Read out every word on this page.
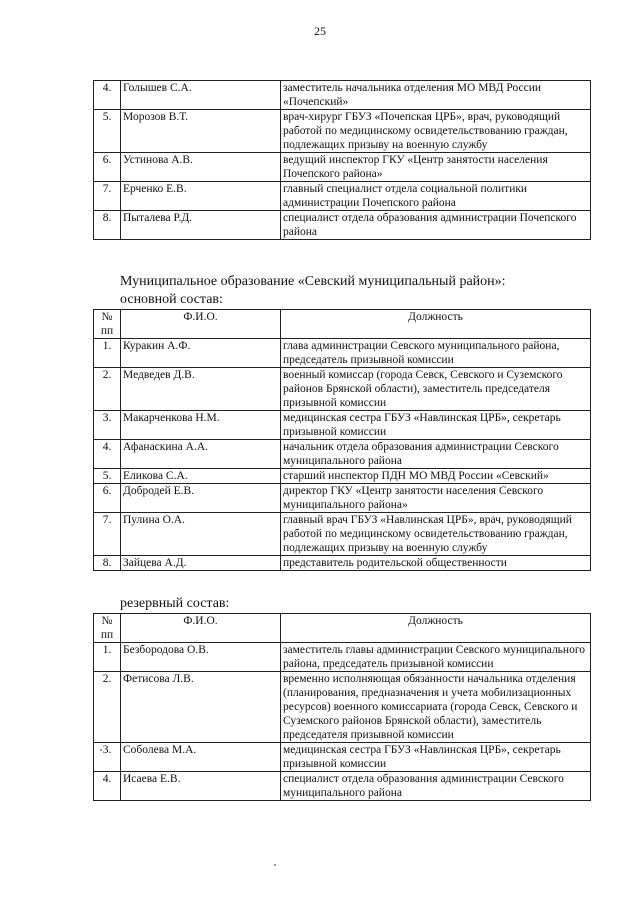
25
4.	Голышев С.А.	заместитель начальника отделения МО МВД России «Почепский»
5.	Морозов В.Т.	врач-хирург ГБУЗ «Почепская ЦРБ», врач, руководящий работой по медицинскому освидетельствованию граждан, подлежащих призыву на военную службу
6.	Устинова А.В.	ведущий инспектор ГКУ «Центр занятости населения Почепского района»
7.	Ерченко Е.В.	главный специалист отдела социальной политики администрации Почепского района
8.	Пыталева Р.Д.	специалист отдела образования администрации Почепского района
Муниципальное образование «Севский муниципальный район»:
основной состав:
№ пп	Ф.И.О.	Должность
1.	Куракин А.Ф.	глава администрации Севского муниципального района, председатель призывной комиссии
2.	Медведев Д.В.	военный комиссар (города Севск, Севского и Суземского районов Брянской области), заместитель председателя призывной комиссии
3.	Макарченкова Н.М.	медицинская сестра ГБУЗ «Навлинская ЦРБ», секретарь призывной комиссии
4.	Афанаскина А.А.	начальник отдела образования администрации Севского муниципального района
5.	Еликова С.А.	старший инспектор ПДН МО МВД России «Севский»
6.	Добродей Е.В.	директор ГКУ «Центр занятости населения Севского муниципального района»
7.	Пулина О.А.	главный врач ГБУЗ «Навлинская ЦРБ», врач, руководящий работой по медицинскому освидетельствованию граждан, подлежащих призыву на военную службу
8.	Зайцева А.Д.	представитель родительской общественности
резервный состав:
№ пп	Ф.И.О.	Должность
1.	Безбородова О.В.	заместитель главы администрации Севского муниципального района, председатель призывной комиссии
2.	Фетисова Л.В.	временно исполняющая обязанности начальника отделения (планирования, предназначения и учета мобилизационных ресурсов) военного комиссариата (города Севск, Севского и Суземского районов Брянской области), заместитель председателя призывной комиссии
3.	Соболева М.А.	медицинская сестра ГБУЗ «Навлинская ЦРБ», секретарь призывной комиссии
4.	Исаева Е.В.	специалист отдела образования администрации Севского муниципального района
